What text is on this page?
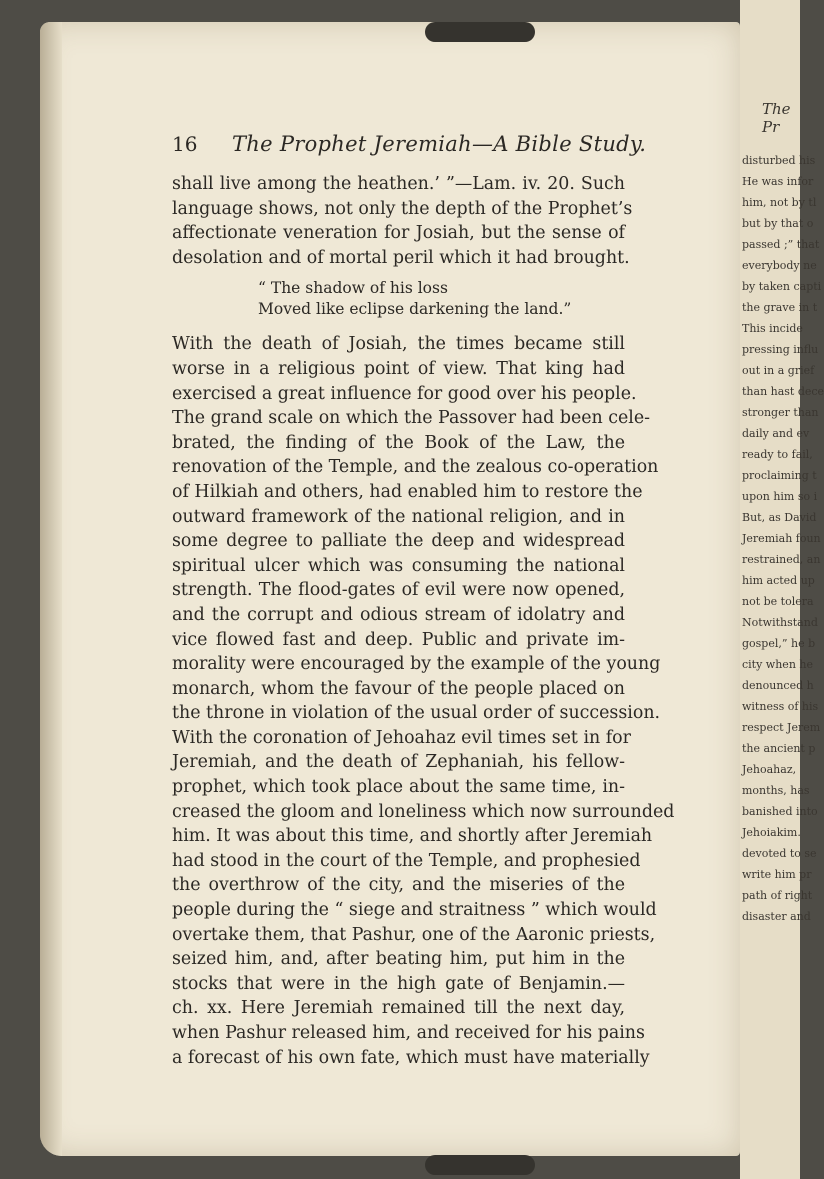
The Pr
disturbed his
He was infor
him, not by tl
but by that o
passed ;” that
everybody ne
by taken capti
the grave in t
This incide
pressing influ
out in a grief
than hast dece
stronger than
daily and ev
ready to fail,
proclaiming t
upon him so i
But, as David
Jeremiah foun
restrained, an
him acted up
not be tolera
Notwithstand
gospel,” he b
city when he
denounced h
witness of his
respect Jerem
the ancient p
Jehoahaz,
months, has
banished into
Jehoiakim.
devoted to se
write him pr
path of right
disaster and
16 The Prophet Jeremiah—A Bible Study.
shall live among the heathen.’ ”—Lam. iv. 20. Such
language shows, not only the depth of the Prophet’s
affectionate veneration for Josiah, but the sense of
desolation and of mortal peril which it had brought.
“ The shadow of his loss
Moved like eclipse darkening the land.”
With the death of Josiah, the times became still
worse in a religious point of view. That king had
exercised a great influence for good over his people.
The grand scale on which the Passover had been cele-
brated, the finding of the Book of the Law, the
renovation of the Temple, and the zealous co-operation
of Hilkiah and others, had enabled him to restore the
outward framework of the national religion, and in
some degree to palliate the deep and widespread
spiritual ulcer which was consuming the national
strength. The flood-gates of evil were now opened,
and the corrupt and odious stream of idolatry and
vice flowed fast and deep. Public and private im-
morality were encouraged by the example of the young
monarch, whom the favour of the people placed on
the throne in violation of the usual order of succession.
With the coronation of Jehoahaz evil times set in for
Jeremiah, and the death of Zephaniah, his fellow-
prophet, which took place about the same time, in-
creased the gloom and loneliness which now surrounded
him. It was about this time, and shortly after Jeremiah
had stood in the court of the Temple, and prophesied
the overthrow of the city, and the miseries of the
people during the “ siege and straitness ” which would
overtake them, that Pashur, one of the Aaronic priests,
seized him, and, after beating him, put him in the
stocks that were in the high gate of Benjamin.—
ch. xx. Here Jeremiah remained till the next day,
when Pashur released him, and received for his pains
a forecast of his own fate, which must have materially
